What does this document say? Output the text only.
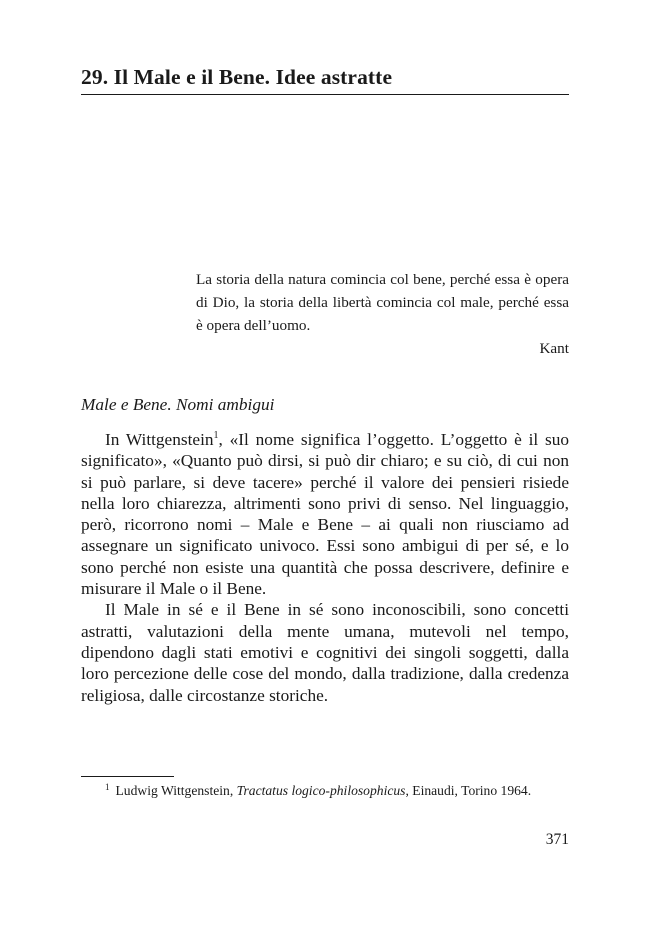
29. Il Male e il Bene. Idee astratte

La storia della natura comincia col bene, perché essa è opera di Dio, la storia della libertà comincia col male, perché essa è opera dell’uomo.

Kant

Male e Bene. Nomi ambigui

In Wittgenstein$^1$, «Il nome significa l’oggetto. L’oggetto è il suo significato», «Quanto può dirsi, si può dir chiaro; e su ciò, di cui non si può parlare, si deve tacere» perché il valore dei pensieri risiede nella loro chiarezza, altrimenti sono privi di senso. Nel linguaggio, però, ricorrono nomi – Male e Bene – ai quali non riusciamo ad assegnare un significato univoco. Essi sono ambigui di per sé, e lo sono perché non esiste una quantità che possa descrivere, definire e misurare il Male o il Bene.

Il Male in sé e il Bene in sé sono inconoscibili, sono concetti astratti, valutazioni della mente umana, mutevoli nel tempo, dipendono dagli stati emotivi e cognitivi dei singoli soggetti, dalla loro percezione delle cose del mondo, dalla tradizione, dalla credenza religiosa, dalle circostanze storiche.

$^1$ Ludwig Wittgenstein, Tractatus logico-philosophicus, Einaudi, Torino 1964.

371
